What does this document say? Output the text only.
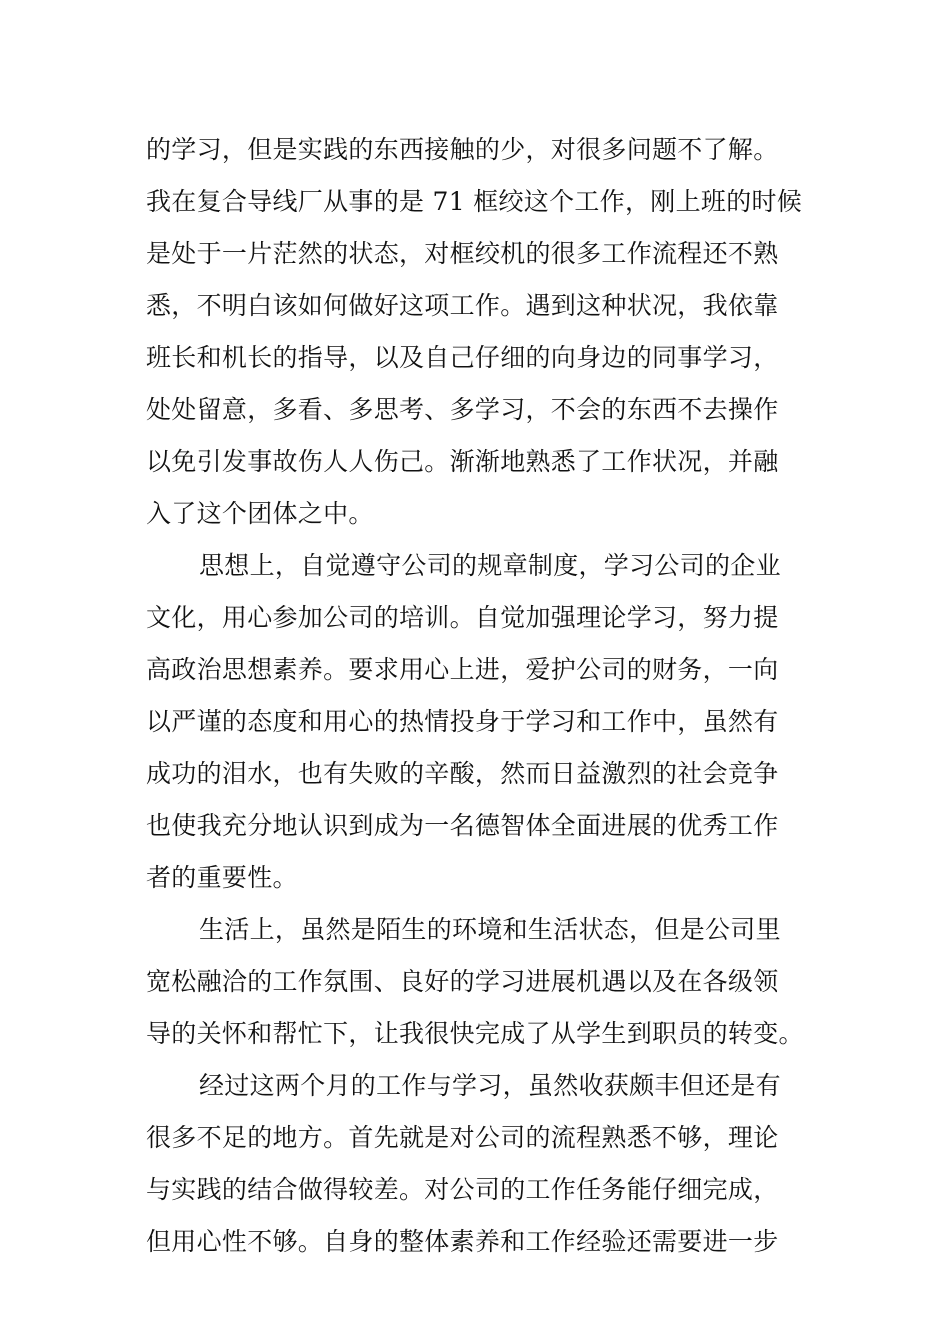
的学习，但是实践的东西接触的少，对很多问题不了解。
我在复合导线厂从事的是 71 框绞这个工作，刚上班的时候
是处于一片茫然的状态，对框绞机的很多工作流程还不熟
悉，不明白该如何做好这项工作。遇到这种状况，我依靠
班长和机长的指导，以及自己仔细的向身边的同事学习，
处处留意，多看、多思考、多学习，不会的东西不去操作
以免引发事故伤人人伤己。渐渐地熟悉了工作状况，并融
入了这个团体之中。
思想上，自觉遵守公司的规章制度，学习公司的企业
文化，用心参加公司的培训。自觉加强理论学习，努力提
高政治思想素养。要求用心上进，爱护公司的财务，一向
以严谨的态度和用心的热情投身于学习和工作中，虽然有
成功的泪水，也有失败的辛酸，然而日益激烈的社会竞争
也使我充分地认识到成为一名德智体全面进展的优秀工作
者的重要性。
生活上，虽然是陌生的环境和生活状态，但是公司里
宽松融洽的工作氛围、良好的学习进展机遇以及在各级领
导的关怀和帮忙下，让我很快完成了从学生到职员的转变。
经过这两个月的工作与学习，虽然收获颇丰但还是有
很多不足的地方。首先就是对公司的流程熟悉不够，理论
与实践的结合做得较差。对公司的工作任务能仔细完成，
但用心性不够。自身的整体素养和工作经验还需要进一步
